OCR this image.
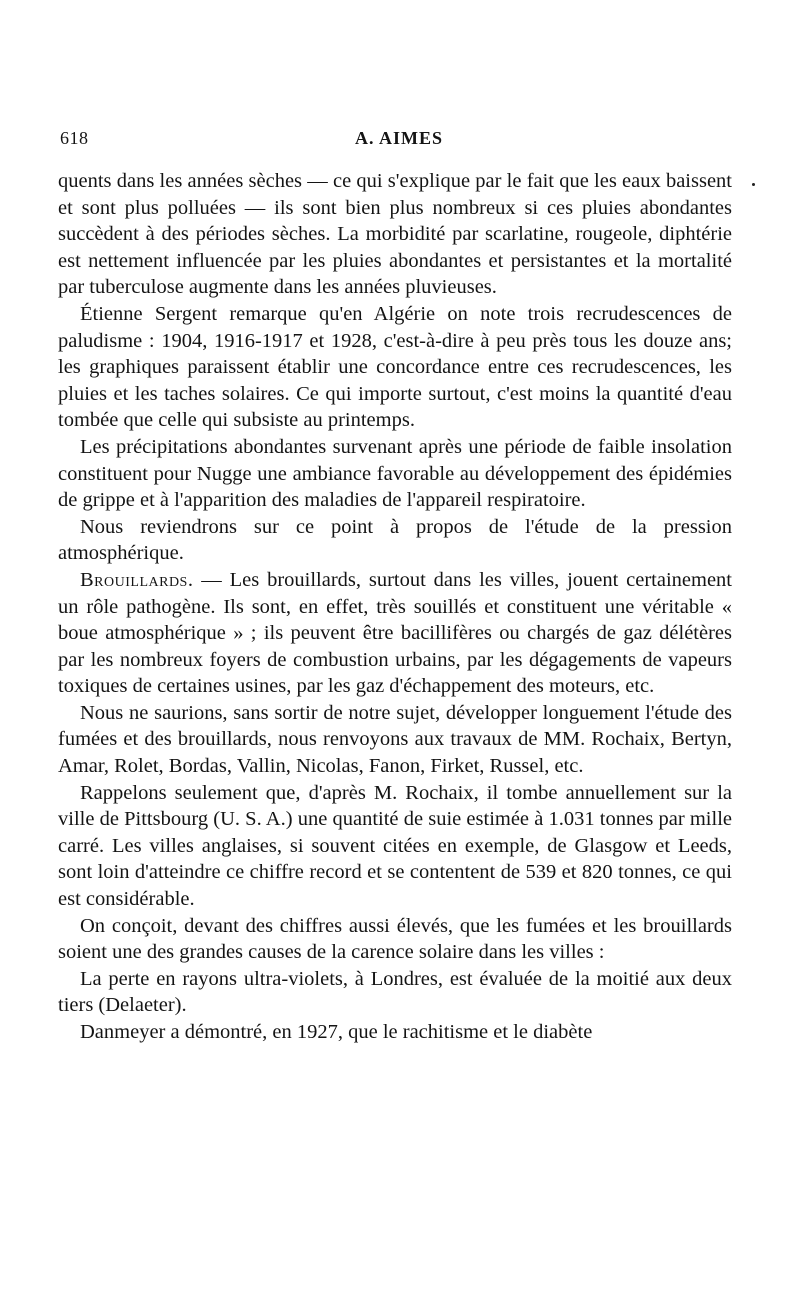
618	A. AIMES

quents dans les années sèches — ce qui s'explique par le fait que les eaux baissent et sont plus polluées — ils sont bien plus nombreux si ces pluies abondantes succèdent à des périodes sèches. La morbidité par scarlatine, rougeole, diphtérie est nettement influencée par les pluies abondantes et persistantes et la mortalité par tuberculose augmente dans les années pluvieuses.

Étienne Sergent remarque qu'en Algérie on note trois recrudescences de paludisme : 1904, 1916-1917 et 1928, c'est-à-dire à peu près tous les douze ans; les graphiques paraissent établir une concordance entre ces recrudescences, les pluies et les taches solaires. Ce qui importe surtout, c'est moins la quantité d'eau tombée que celle qui subsiste au printemps.

Les précipitations abondantes survenant après une période de faible insolation constituent pour Nugge une ambiance favorable au développement des épidémies de grippe et à l'apparition des maladies de l'appareil respiratoire.

Nous reviendrons sur ce point à propos de l'étude de la pression atmosphérique.

Brouillards. — Les brouillards, surtout dans les villes, jouent certainement un rôle pathogène. Ils sont, en effet, très souillés et constituent une véritable « boue atmosphérique » ; ils peuvent être bacillifères ou chargés de gaz délétères par les nombreux foyers de combustion urbains, par les dégagements de vapeurs toxiques de certaines usines, par les gaz d'échappement des moteurs, etc.

Nous ne saurions, sans sortir de notre sujet, développer longuement l'étude des fumées et des brouillards, nous renvoyons aux travaux de MM. Rochaix, Bertyn, Amar, Rolet, Bordas, Vallin, Nicolas, Fanon, Firket, Russel, etc.

Rappelons seulement que, d'après M. Rochaix, il tombe annuellement sur la ville de Pittsbourg (U. S. A.) une quantité de suie estimée à 1.031 tonnes par mille carré. Les villes anglaises, si souvent citées en exemple, de Glasgow et Leeds, sont loin d'atteindre ce chiffre record et se contentent de 539 et 820 tonnes, ce qui est considérable.

On conçoit, devant des chiffres aussi élevés, que les fumées et les brouillards soient une des grandes causes de la carence solaire dans les villes :

La perte en rayons ultra-violets, à Londres, est évaluée de la moitié aux deux tiers (Delaeter).

Danmeyer a démontré, en 1927, que le rachitisme et le diabète
